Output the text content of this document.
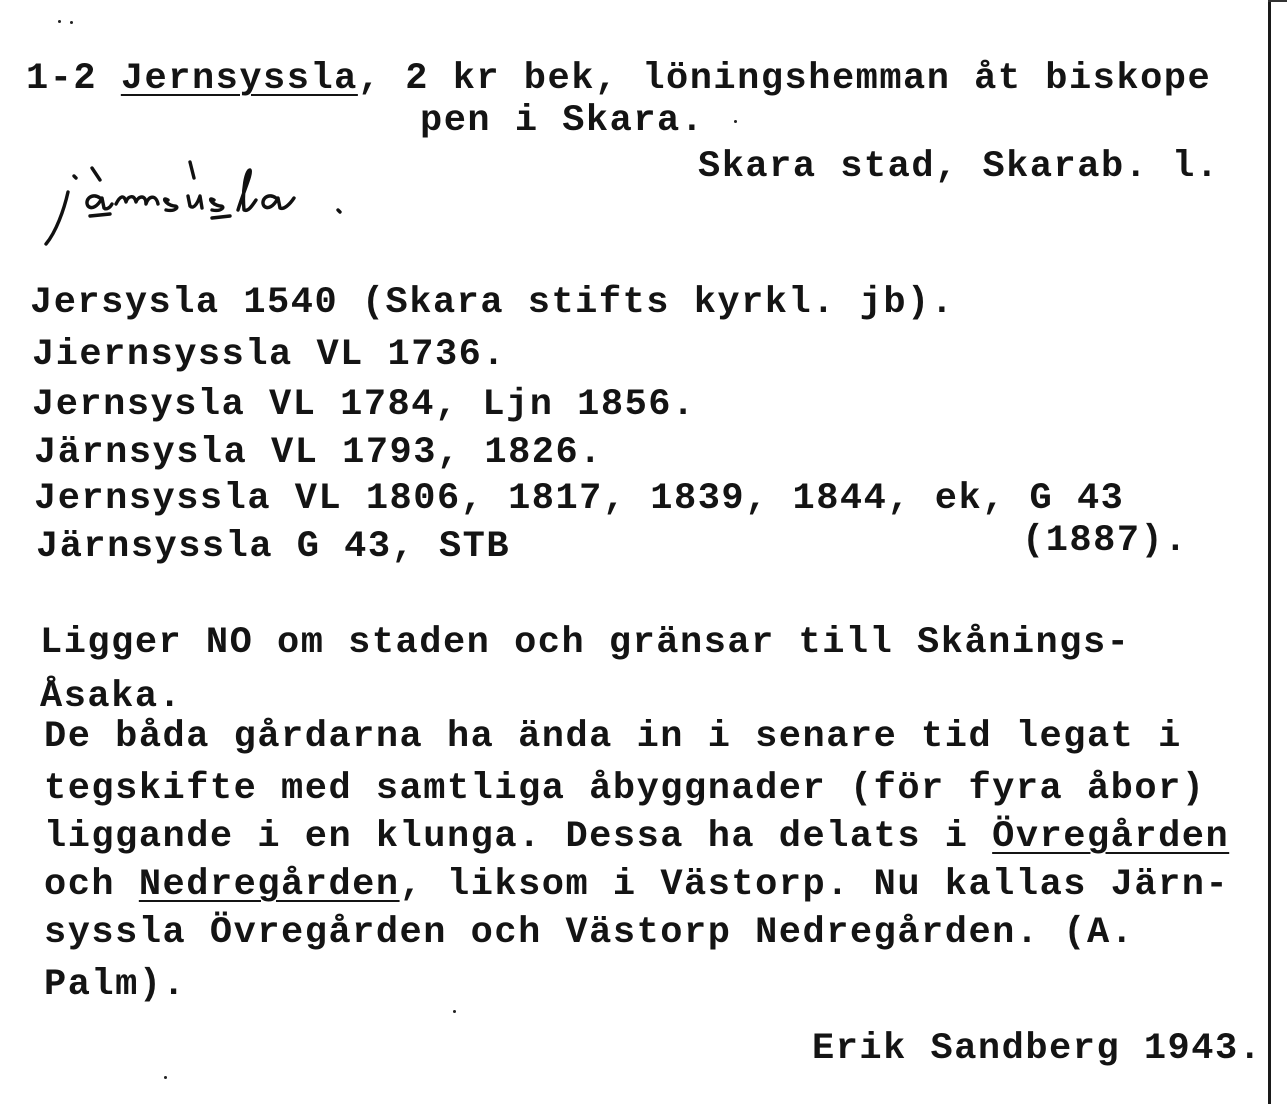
1-2 Jernsyssla, 2 kr bek, löningshemman åt biskope
pen i Skara.
Skara stad, Skarab. l.
Jersysla 1540 (Skara stifts kyrkl. jb).
Jiernsyssla VL 1736.
Jernsysla VL 1784, Ljn 1856.
Järnsysla VL 1793, 1826.
Jernsyssla VL 1806, 1817, 1839, 1844, ek, G 43
(1887).
Järnsyssla G 43, STB
Ligger NO om staden och gränsar till Skånings-
Åsaka.
De båda gårdarna ha ända in i senare tid legat i
tegskifte med samtliga åbyggnader (för fyra åbor)
liggande i en klunga. Dessa ha delats i Övregården
och Nedregården, liksom i Västorp. Nu kallas Järn-
syssla Övregården och Västorp Nedregården. (A.
Palm).
Erik Sandberg 1943.
